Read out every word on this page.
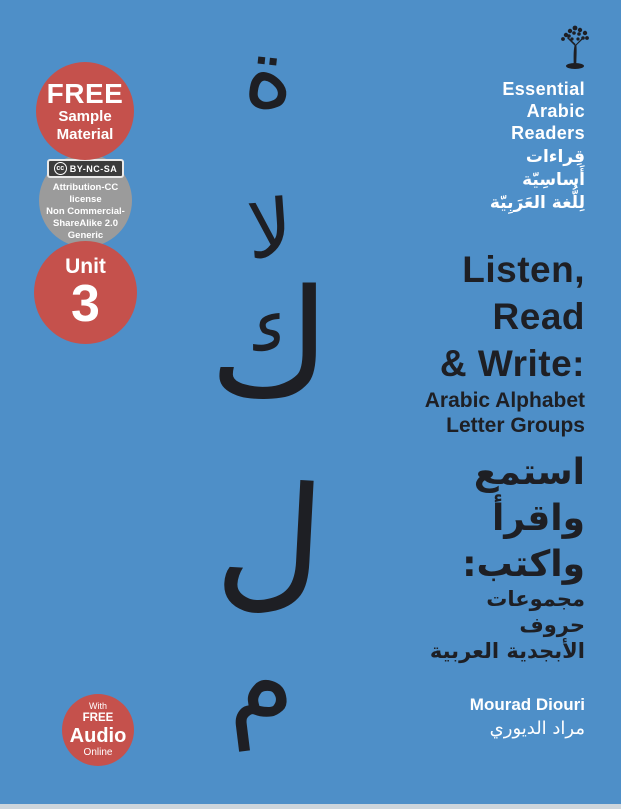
ة
لا
ك
ل
م
Essential
Arabic
Readers
قِراءات
أَساسِيّة
لِلُّغة العَرَبِيّة
FREE
Sample
Material
cc BY-NC-SA
Attribution-CC license
Non Commercial-
ShareAlike 2.0
Generic
Unit
3
Listen,
Read
& Write:
Arabic Alphabet
Letter Groups
استمع
واقرأ
واكتب:
مجموعات
حروف
الأبجدية العربية
With
FREE
Audio
Online
Mourad Diouri
مراد الديوري
